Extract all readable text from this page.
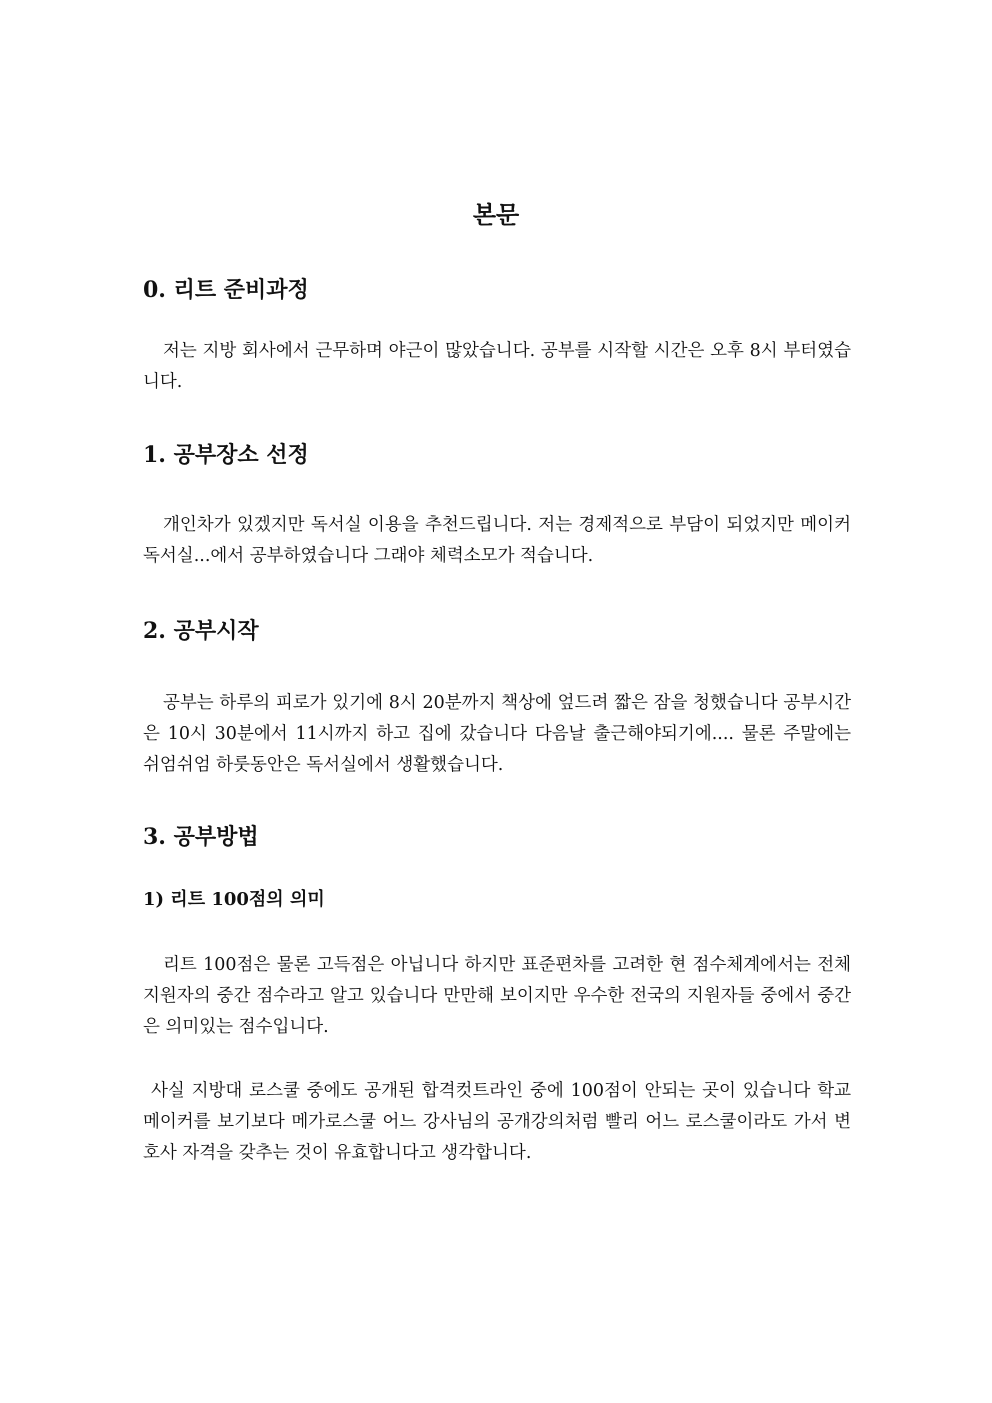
본문
0. 리트 준비과정

저는 지방 회사에서 근무하며 야근이 많았습니다. 공부를 시작할 시간은 오후 8시 부터였습니다.

1. 공부장소 선정

개인차가 있겠지만 독서실 이용을 추천드립니다. 저는 경제적으로 부담이 되었지만 메이커 독서실...에서 공부하였습니다 그래야 체력소모가 적습니다.

2. 공부시작

공부는 하루의 피로가 있기에 8시 20분까지 책상에 엎드려 짧은 잠을 청했습니다 공부시간은 10시 30분에서 11시까지 하고 집에 갔습니다 다음날 출근해야되기에.... 물론 주말에는 쉬엄쉬엄 하룻동안은 독서실에서 생활했습니다.

3. 공부방법
1) 리트 100점의 의미

리트 100점은 물론 고득점은 아닙니다 하지만 표준편차를 고려한 현 점수체계에서는 전체 지원자의 중간 점수라고 알고 있습니다 만만해 보이지만 우수한 전국의 지원자들 중에서 중간은 의미있는 점수입니다.

사실 지방대 로스쿨 중에도 공개된 합격컷트라인 중에 100점이 안되는 곳이 있습니다 학교 메이커를 보기보다 메가로스쿨 어느 강사님의 공개강의처럼 빨리 어느 로스쿨이라도 가서 변호사 자격을 갖추는 것이 유효합니다고 생각합니다.
